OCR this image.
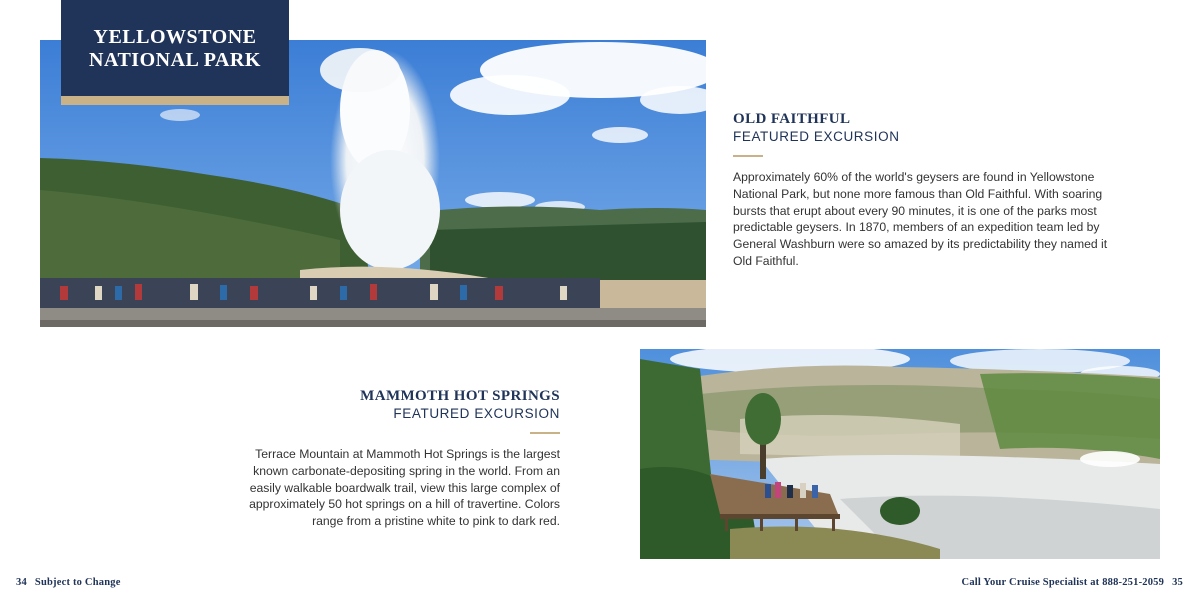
YELLOWSTONE
NATIONAL PARK
OLD FAITHFUL
FEATURED EXCURSION

Approximately 60% of the world's geysers are found in Yellowstone National Park, but none more famous than Old Faithful. With soaring bursts that erupt about every 90 minutes, it is one of the parks most predictable geysers. In 1870, members of an expedition team led by General Washburn were so amazed by its predictability they named it Old Faithful.

MAMMOTH HOT SPRINGS
FEATURED EXCURSION

Terrace Mountain at Mammoth Hot Springs is the largest known carbonate-depositing spring in the world. From an easily walkable boardwalk trail, view this large complex of approximately 50 hot springs on a hill of travertine. Colors range from a pristine white to pink to dark red.

34 Subject to Change	Call Your Cruise Specialist at 888-251-2059 35
